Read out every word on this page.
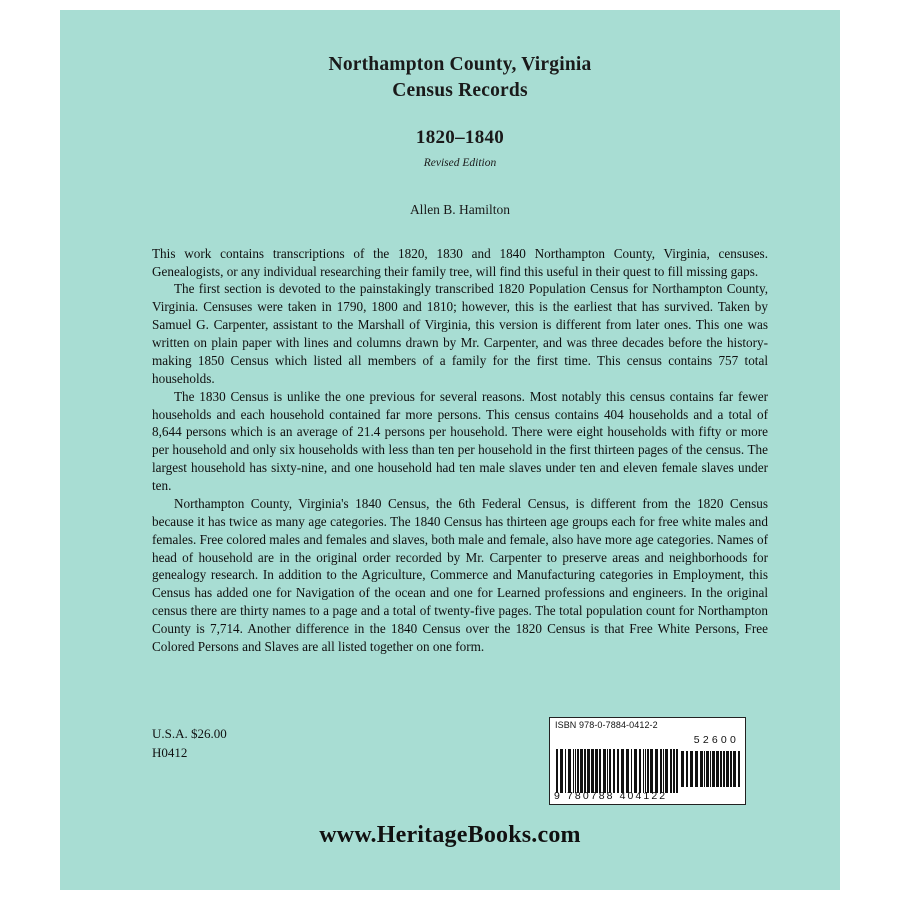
Northampton County, Virginia
Census Records
1820–1840
Revised Edition
Allen B. Hamilton

This work contains transcriptions of the 1820, 1830 and 1840 Northampton County, Virginia, censuses. Genealogists, or any individual researching their family tree, will find this useful in their quest to fill missing gaps.

The first section is devoted to the painstakingly transcribed 1820 Population Census for Northampton County, Virginia. Censuses were taken in 1790, 1800 and 1810; however, this is the earliest that has survived. Taken by Samuel G. Carpenter, assistant to the Marshall of Virginia, this version is different from later ones. This one was written on plain paper with lines and columns drawn by Mr. Carpenter, and was three decades before the history-making 1850 Census which listed all members of a family for the first time. This census contains 757 total households.

The 1830 Census is unlike the one previous for several reasons. Most notably this census contains far fewer households and each household contained far more persons. This census contains 404 households and a total of 8,644 persons which is an average of 21.4 persons per household. There were eight households with fifty or more per household and only six households with less than ten per household in the first thirteen pages of the census. The largest household has sixty-nine, and one household had ten male slaves under ten and eleven female slaves under ten.

Northampton County, Virginia's 1840 Census, the 6th Federal Census, is different from the 1820 Census because it has twice as many age categories. The 1840 Census has thirteen age groups each for free white males and females. Free colored males and females and slaves, both male and female, also have more age categories. Names of head of household are in the original order recorded by Mr. Carpenter to preserve areas and neighborhoods for genealogy research. In addition to the Agriculture, Commerce and Manufacturing categories in Employment, this Census has added one for Navigation of the ocean and one for Learned professions and engineers. In the original census there are thirty names to a page and a total of twenty-five pages. The total population count for Northampton County is 7,714. Another difference in the 1840 Census over the 1820 Census is that Free White Persons, Free Colored Persons and Slaves are all listed together on one form.

U.S.A. $26.00
H0412
ISBN 978-0-7884-0412-2
52600
9 780788 404122
www.HeritageBooks.com
